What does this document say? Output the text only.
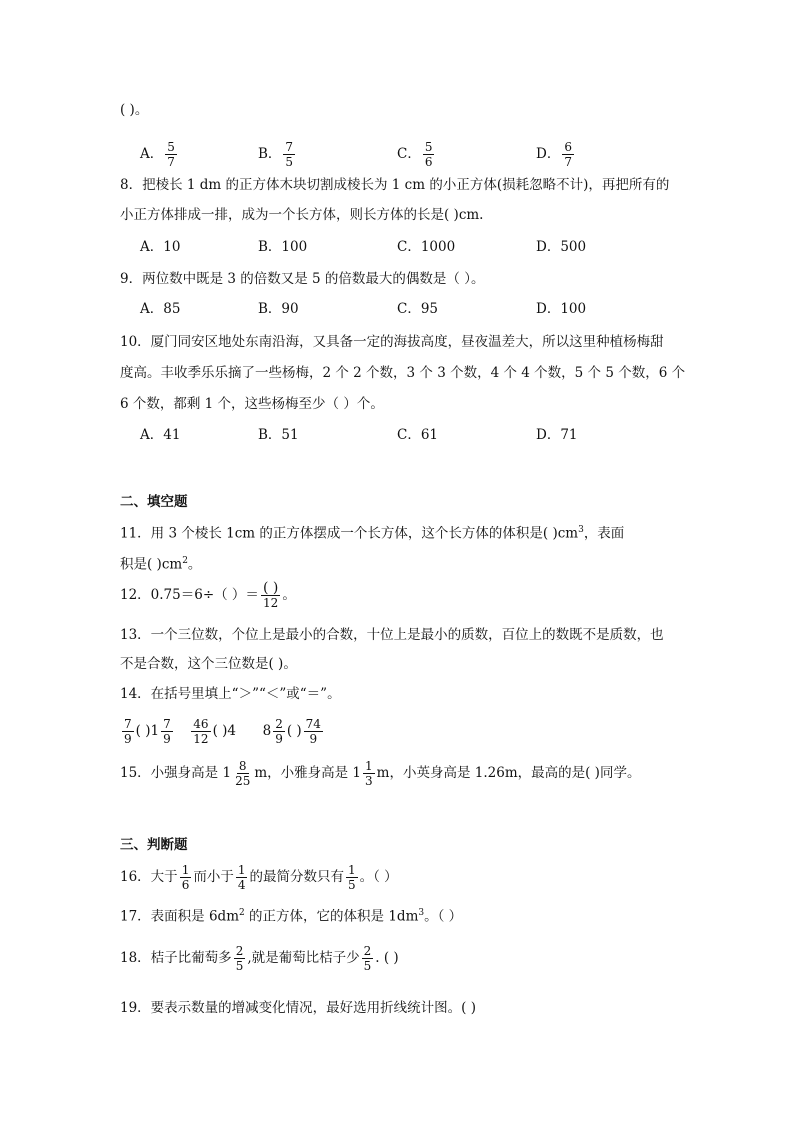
( )。
A． $\frac{5}{7}$	B． $\frac{7}{5}$	C． $\frac{5}{6}$	D． $\frac{6}{7}$
8．把棱长 1 dm 的正方体木块切割成棱长为 1 cm 的小正方体(损耗忽略不计)，再把所有的
小正方体排成一排，成为一个长方体，则长方体的长是( )cm.
A．10	B．100	C．1000	D．500
9．两位数中既是 3 的倍数又是 5 的倍数最大的偶数是（ ）。
A．85	B．90	C．95	D．100
10．厦门同安区地处东南沿海，又具备一定的海拔高度，昼夜温差大，所以这里种植杨梅甜
度高。丰收季乐乐摘了一些杨梅，2 个 2 个数，3 个 3 个数，4 个 4 个数，5 个 5 个数，6 个
6 个数，都剩 1 个，这些杨梅至少（ ）个。
A．41	B．51	C．61	D．71
二、填空题
11．用 3 个棱长 1cm 的正方体摆成一个长方体，这个长方体的体积是( )$cm^3$，表面
积是( )$cm^2$。
12．0.75＝6÷（ ）＝ $\frac{( )}{12}$ 。
13．一个三位数，个位上是最小的合数，十位上是最小的质数，百位上的数既不是质数，也
不是合数，这个三位数是( )。
14．在括号里填上“＞”“＜”或“＝”。
$\frac{7}{9}$ ( )$1 \frac{7}{9}$
$\frac{46}{12}$ ( )4 $8 \frac{2}{9}$ ( ) $\frac{74}{9}$
15．小强身高是 $1 \frac{8}{25}$ m，小雅身高是 $1 \frac{1}{3}$ m，小英身高是 1.26m，最高的是( )同学。
三、判断题
16．大于 $\frac{1}{6}$ 而小于 $\frac{1}{4}$ 的最简分数只有 $\frac{1}{5}$ 。（ ）
17．表面积是 $6dm^2$ 的正方体，它的体积是 $1dm^3$。（ ）
18．桔子比葡萄多 $\frac{2}{5}$ ,就是葡萄比桔子少 $\frac{2}{5}$ . ( )
19．要表示数量的增减变化情况，最好选用折线统计图。( )
